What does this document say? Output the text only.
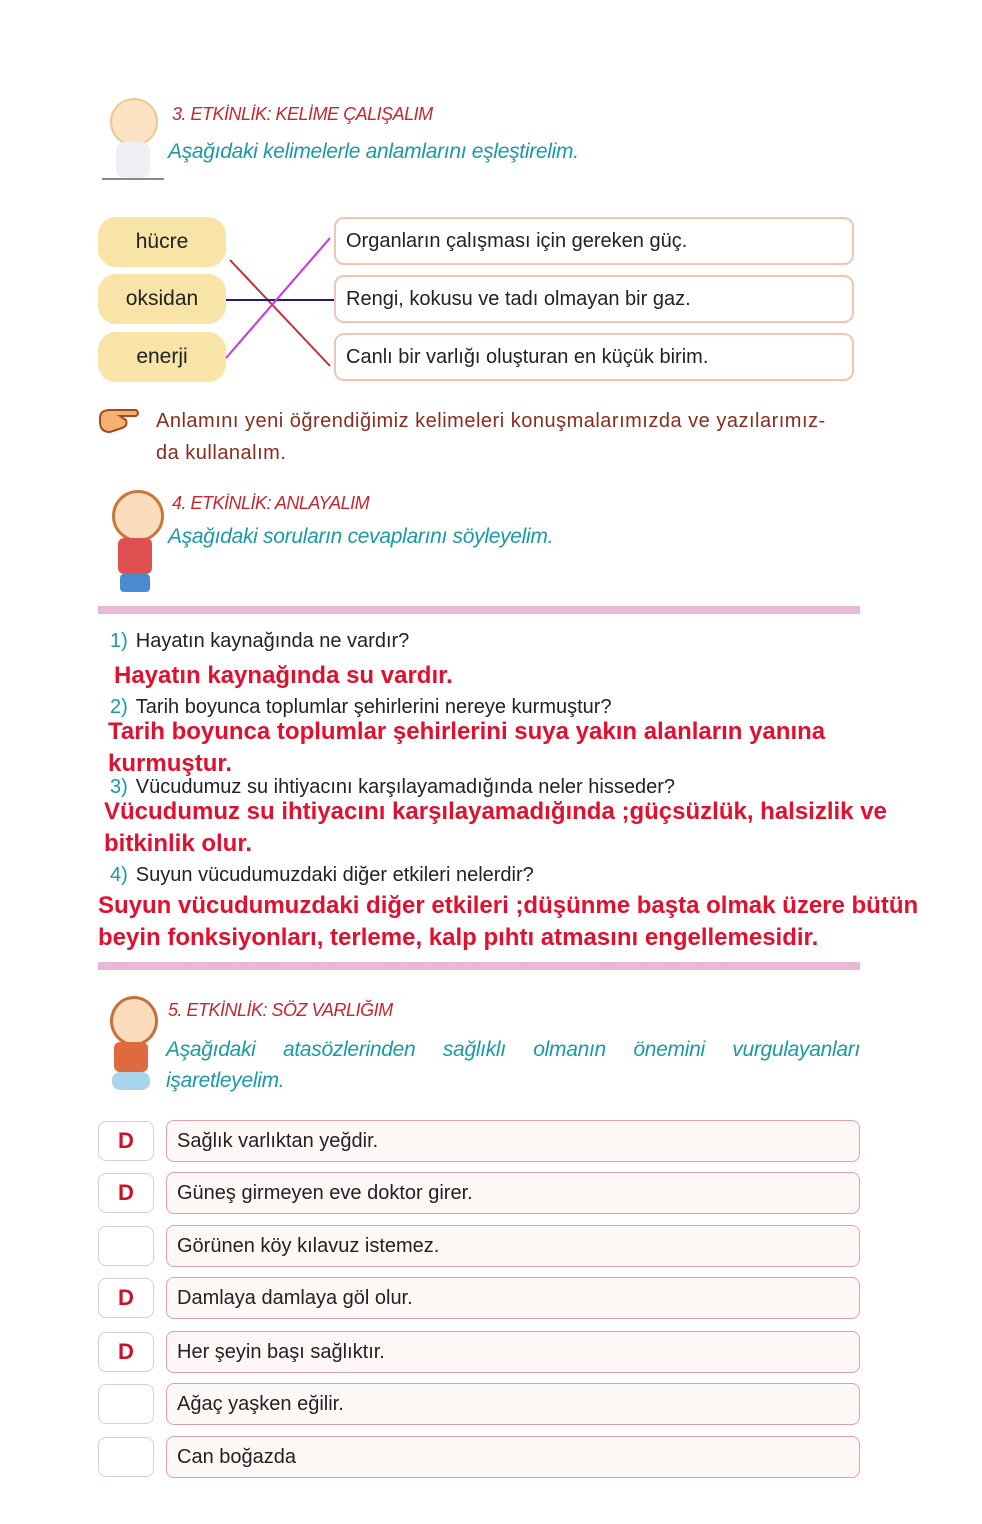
3. ETKİNLİK: KELİME ÇALIŞALIM
Aşağıdaki kelimelerle anlamlarını eşleştirelim.
hücre
oksidan
enerji
Organların çalışması için gereken güç.
Rengi, kokusu ve tadı olmayan bir gaz.
Canlı bir varlığı oluşturan en küçük birim.
Anlamını yeni öğrendiğimiz kelimeleri konuşmalarımızda ve yazılarımız-
da kullanalım.
4. ETKİNLİK: ANLAYALIM
Aşağıdaki soruların cevaplarını söyleyelim.
1) Hayatın kaynağında ne vardır?
Hayatın kaynağında su vardır.
2) Tarih boyunca toplumlar şehirlerini nereye kurmuştur?
Tarih boyunca toplumlar şehirlerini suya yakın alanların yanına kurmuştur.
3) Vücudumuz su ihtiyacını karşılayamadığında neler hisseder?
Vücudumuz su ihtiyacını karşılayamadığında ;güçsüzlük, halsizlik ve bitkinlik olur.
4) Suyun vücudumuzdaki diğer etkileri nelerdir?
Suyun vücudumuzdaki diğer etkileri ;düşünme başta olmak üzere bütün beyin fonksiyonları, terleme, kalp pıhtı atmasını engellemesidir.
5. ETKİNLİK: SÖZ VARLIĞIM
Aşağıdaki atasözlerinden sağlıklı olmanın önemini vurgulayanları işaretleyelim.
D	Sağlık varlıktan yeğdir.
D	Güneş girmeyen eve doktor girer.
Görünen köy kılavuz istemez.
D	Damlaya damlaya göl olur.
D	Her şeyin başı sağlıktır.
Ağaç yaşken eğilir.
Can boğazda
